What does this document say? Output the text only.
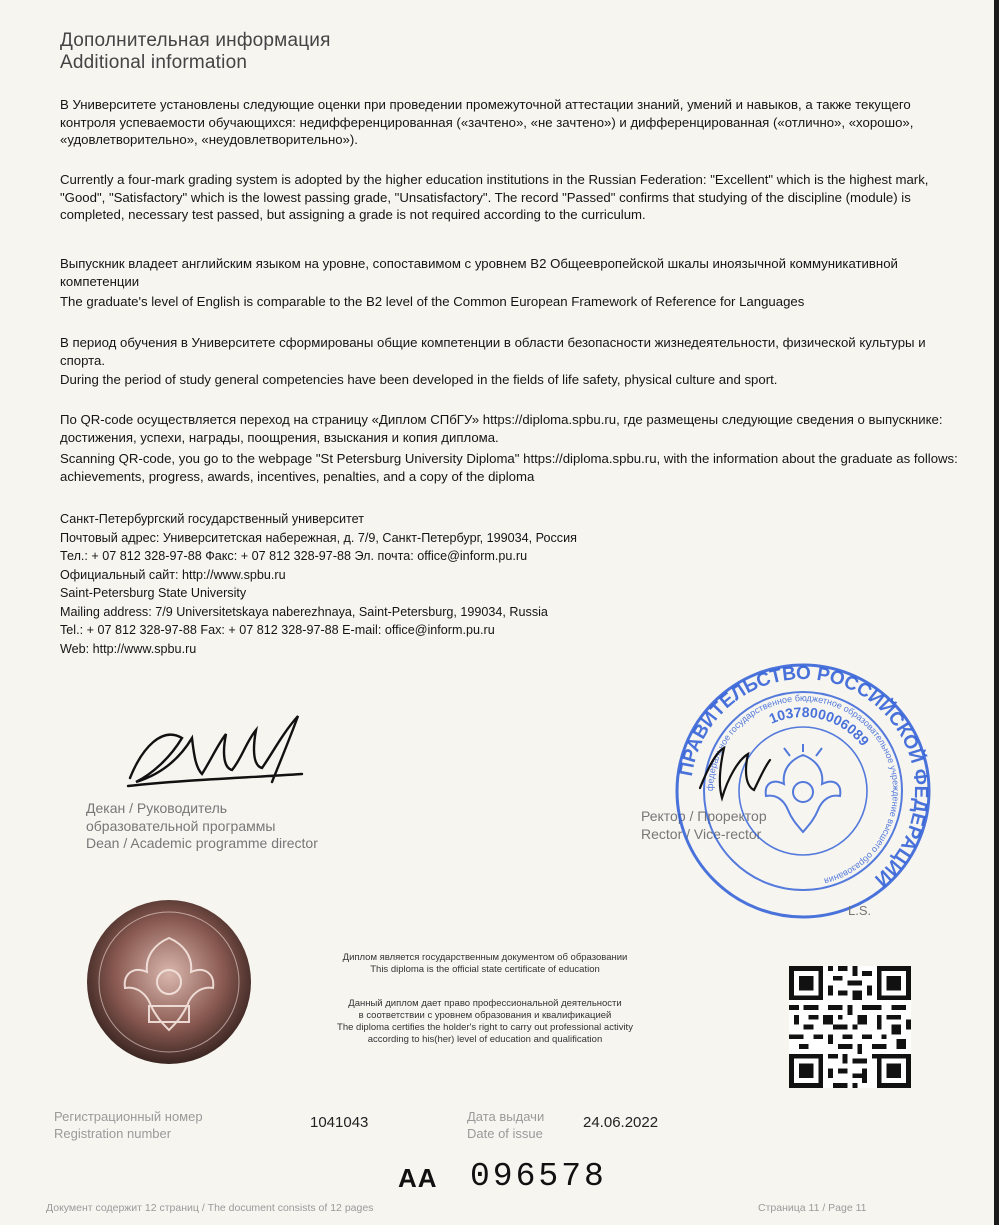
Дополнительная информация
Additional information

В Университете установлены следующие оценки при проведении промежуточной аттестации знаний, умений и навыков, а также текущего контроля успеваемости обучающихся: недифференцированная («зачтено», «не зачтено») и дифференцированная («отлично», «хорошо», «удовлетворительно», «неудовлетворительно»).

Currently a four-mark grading system is adopted by the higher education institutions in the Russian Federation: "Excellent" which is the highest mark, "Good", "Satisfactory" which is the lowest passing grade, "Unsatisfactory". The record "Passed" confirms that studying of the discipline (module) is completed, necessary test passed, but assigning a grade is not required according to the curriculum.

Выпускник владеет английским языком на уровне, сопоставимом с уровнем В2 Общеевропейской шкалы иноязычной коммуникативной компетенции

The graduate's level of English is comparable to the B2 level of the Common European Framework of Reference for Languages

В период обучения в Университете сформированы общие компетенции в области безопасности жизнедеятельности, физической культуры и спорта.

During the period of study general competencies have been developed in the fields of life safety, physical culture and sport.

По QR-code осуществляется переход на страницу «Диплом СПбГУ» https://diploma.spbu.ru, где размещены следующие сведения о выпускнике: достижения, успехи, награды, поощрения, взыскания и копия диплома.

Scanning QR-code, you go to the webpage "St Petersburg University Diploma" https://diploma.spbu.ru, with the information about the graduate as follows: achievements, progress, awards, incentives, penalties, and a copy of the diploma

Санкт-Петербургский государственный университет
Почтовый адрес: Университетская набережная, д. 7/9, Санкт-Петербург, 199034, Россия
Тел.: + 07 812 328-97-88 Факс: + 07 812 328-97-88 Эл. почта: office@inform.pu.ru
Официальный сайт: http://www.spbu.ru
Saint-Petersburg State University
Mailing address: 7/9 Universitetskaya naberezhnaya, Saint-Petersburg, 199034, Russia
Tel.: + 07 812 328-97-88 Fax: + 07 812 328-97-88 E-mail: office@inform.pu.ru
Web: http://www.spbu.ru
Декан / Руководитель
образовательной программы
Dean / Academic programme director
Ректор / Проректор
Rector / Vice-rector
ПРАВИТЕЛЬСТВО РОССИЙСКОЙ ФЕДЕРАЦИИ
федеральное государственное бюджетное образовательное учреждение высшего образования
1037800006089
L.S.
Диплом является государственным документом об образовании
This diploma is the official state certificate of education
Данный диплом дает право профессиональной деятельности
в соответствии с уровнем образования и квалификацией
The diploma certifies the holder's right to carry out professional activity
according to his(her) level of education and qualification
Регистрационный номер
Registration number
1041043	Дата выдачи
Date of issue
24.06.2022
AA 096578
Документ содержит 12 страниц / The document consists of 12 pages	Страница 11 / Page 11
